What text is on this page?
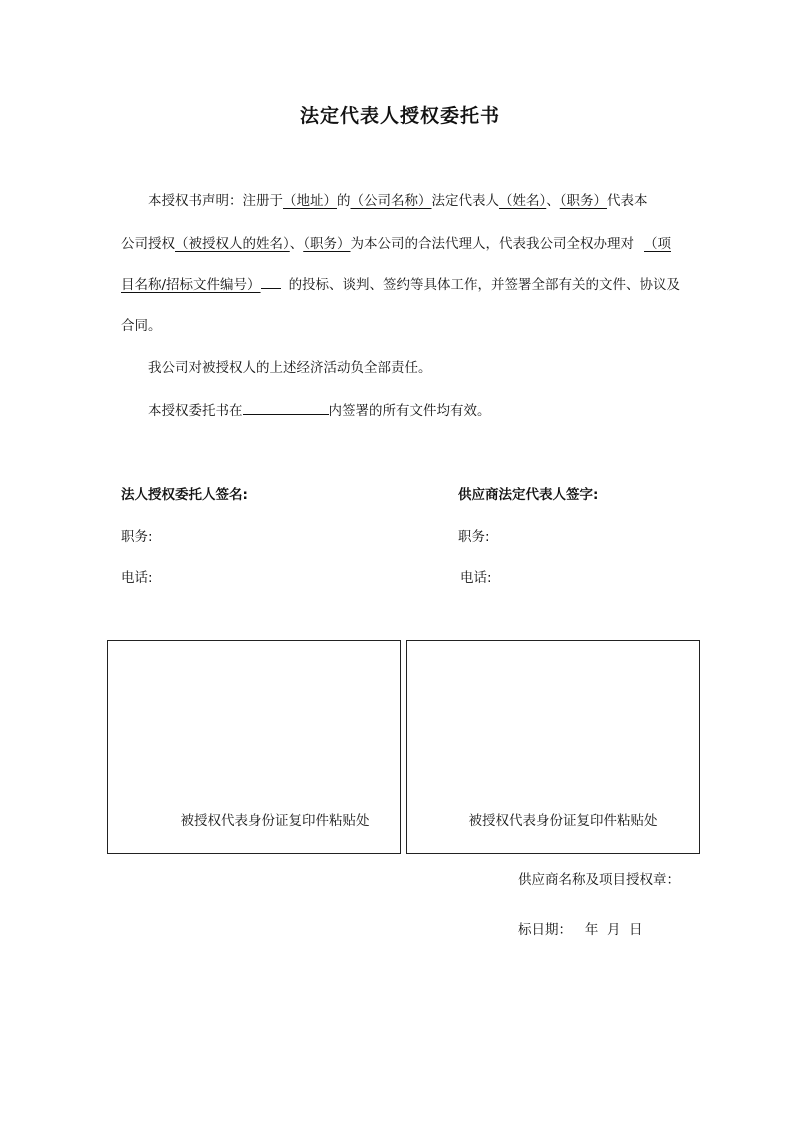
法定代表人授权委托书
本授权书声明：注册于（地址）的（公司名称）法定代表人（姓名）、（职务）代表本
公司授权（被授权人的姓名）、（职务）为本公司的合法代理人，代表我公司全权办理对 （项
目名称/招标文件编号） 的投标、谈判、签约等具体工作，并签署全部有关的文件、协议及
合同。
我公司对被授权人的上述经济活动负全部责任。
本授权委托书在	内签署的所有文件均有效。
法人授权委托人签名:	供应商法定代表人签字:
职务:	职务:
电话:	电话:
被授权代表身份证复印件粘贴处	被授权代表身份证复印件粘贴处
供应商名称及项目授权章：
标日期：   年  月  日
